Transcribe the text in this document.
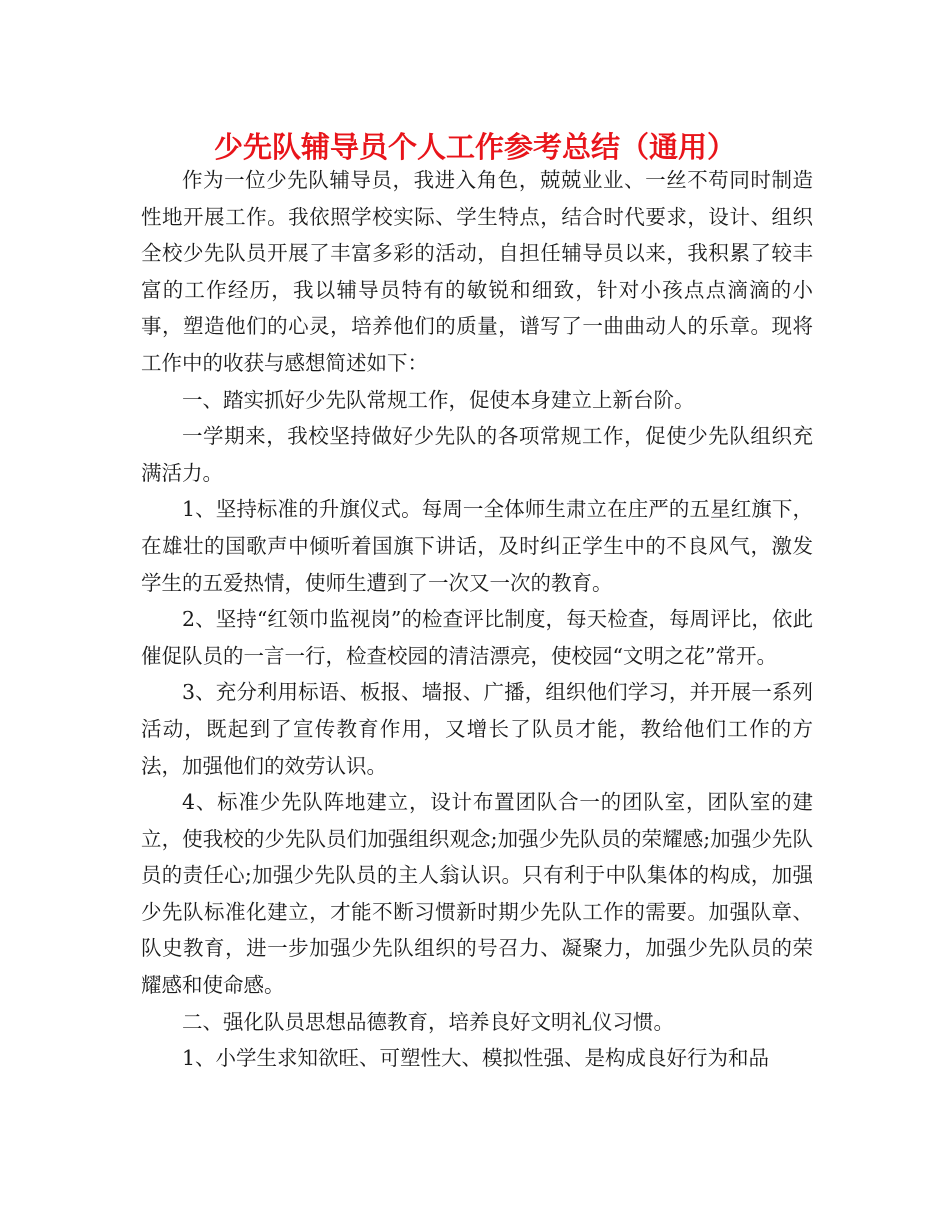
少先队辅导员个人工作参考总结（通用）

作为一位少先队辅导员，我进入角色，兢兢业业、一丝不苟同时制造性地开展工作。我依照学校实际、学生特点，结合时代要求，设计、组织全校少先队员开展了丰富多彩的活动，自担任辅导员以来，我积累了较丰富的工作经历，我以辅导员特有的敏锐和细致，针对小孩点点滴滴的小事，塑造他们的心灵，培养他们的质量，谱写了一曲曲动人的乐章。现将工作中的收获与感想简述如下：

一、踏实抓好少先队常规工作，促使本身建立上新台阶。

一学期来，我校坚持做好少先队的各项常规工作，促使少先队组织充满活力。

1、坚持标准的升旗仪式。每周一全体师生肃立在庄严的五星红旗下，在雄壮的国歌声中倾听着国旗下讲话，及时纠正学生中的不良风气，激发学生的五爱热情，使师生遭到了一次又一次的教育。

2、坚持“红领巾监视岗”的检查评比制度，每天检查，每周评比，依此催促队员的一言一行，检查校园的清洁漂亮，使校园“文明之花”常开。

3、充分利用标语、板报、墙报、广播，组织他们学习，并开展一系列活动，既起到了宣传教育作用，又增长了队员才能，教给他们工作的方法，加强他们的效劳认识。

4、标准少先队阵地建立，设计布置团队合一的团队室，团队室的建立，使我校的少先队员们加强组织观念;加强少先队员的荣耀感;加强少先队员的责任心;加强少先队员的主人翁认识。只有利于中队集体的构成，加强少先队标准化建立，才能不断习惯新时期少先队工作的需要。加强队章、队史教育，进一步加强少先队组织的号召力、凝聚力，加强少先队员的荣耀感和使命感。

二、强化队员思想品德教育，培养良好文明礼仪习惯。

1、小学生求知欲旺、可塑性大、模拟性强、是构成良好行为和品
